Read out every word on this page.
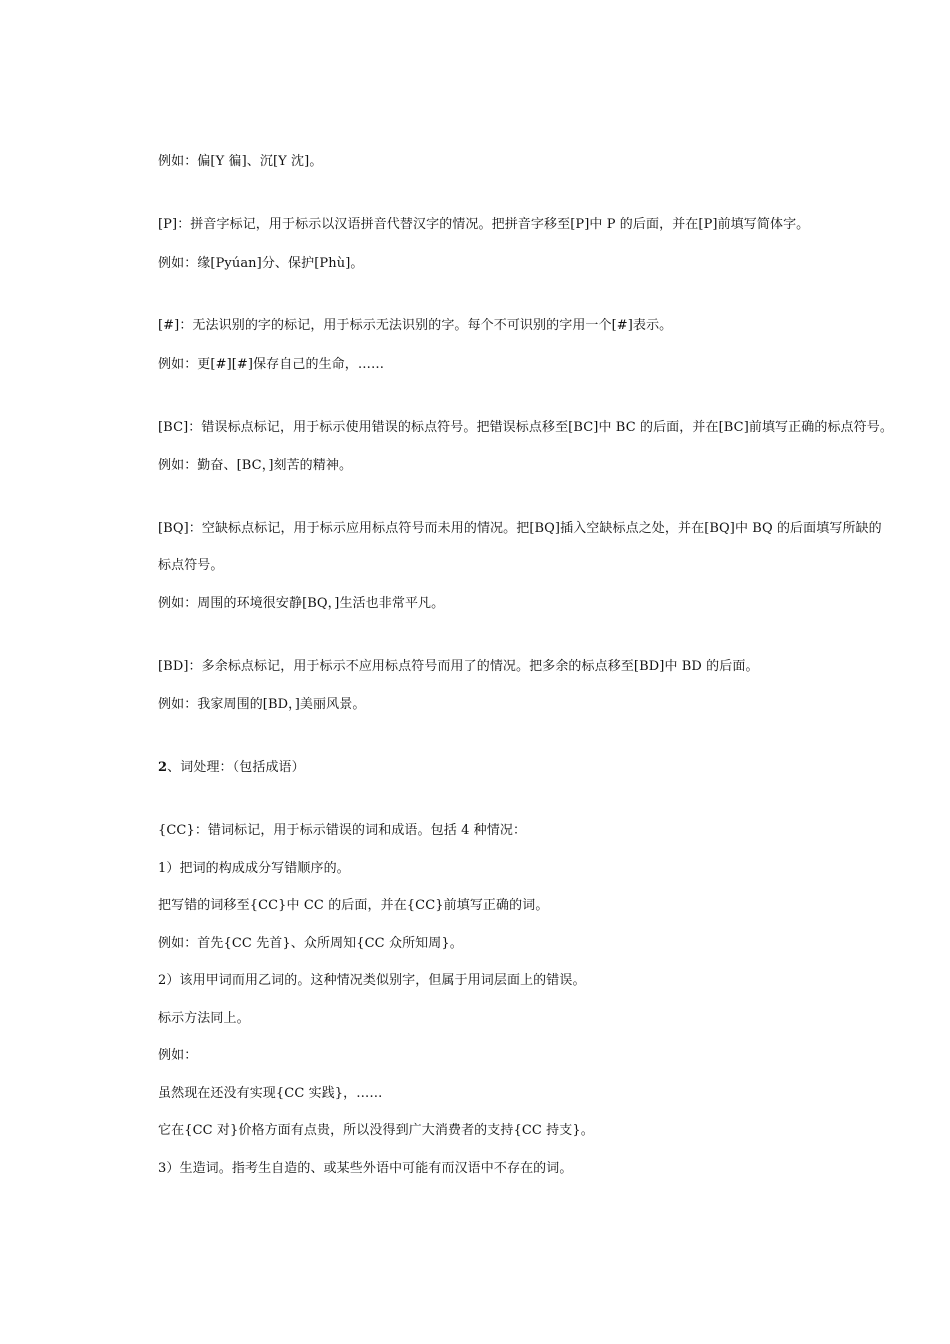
例如：偏[Y 徧]、沉[Y 沈]。
[P]：拼音字标记，用于标示以汉语拼音代替汉字的情况。把拼音字移至[P]中 P 的后面，并在[P]前填写简体字。
例如：缘[Pyúan]分、保护[Phù]。
[#]：无法识别的字的标记，用于标示无法识别的字。每个不可识别的字用一个[#]表示。
例如：更[#][#]保存自己的生命，……
[BC]：错误标点标记，用于标示使用错误的标点符号。把错误标点移至[BC]中 BC 的后面，并在[BC]前填写正确的标点符号。
例如：勤奋、[BC，]刻苦的精神。
[BQ]：空缺标点标记，用于标示应用标点符号而未用的情况。把[BQ]插入空缺标点之处，并在[BQ]中 BQ 的后面填写所缺的
标点符号。
例如：周围的环境很安静[BQ，]生活也非常平凡。
[BD]：多余标点标记，用于标示不应用标点符号而用了的情况。把多余的标点移至[BD]中 BD 的后面。
例如：我家周围的[BD，]美丽风景。
2、词处理：（包括成语）
{CC}：错词标记，用于标示错误的词和成语。包括 4 种情况：
1）把词的构成成分写错顺序的。
把写错的词移至{CC}中 CC 的后面，并在{CC}前填写正确的词。
例如：首先{CC 先首}、众所周知{CC 众所知周}。
2）该用甲词而用乙词的。这种情况类似别字，但属于用词层面上的错误。
标示方法同上。
例如：
虽然现在还没有实现{CC 实践}，……
它在{CC 对}价格方面有点贵，所以没得到广大消费者的支持{CC 持支}。
3）生造词。指考生自造的、或某些外语中可能有而汉语中不存在的词。
